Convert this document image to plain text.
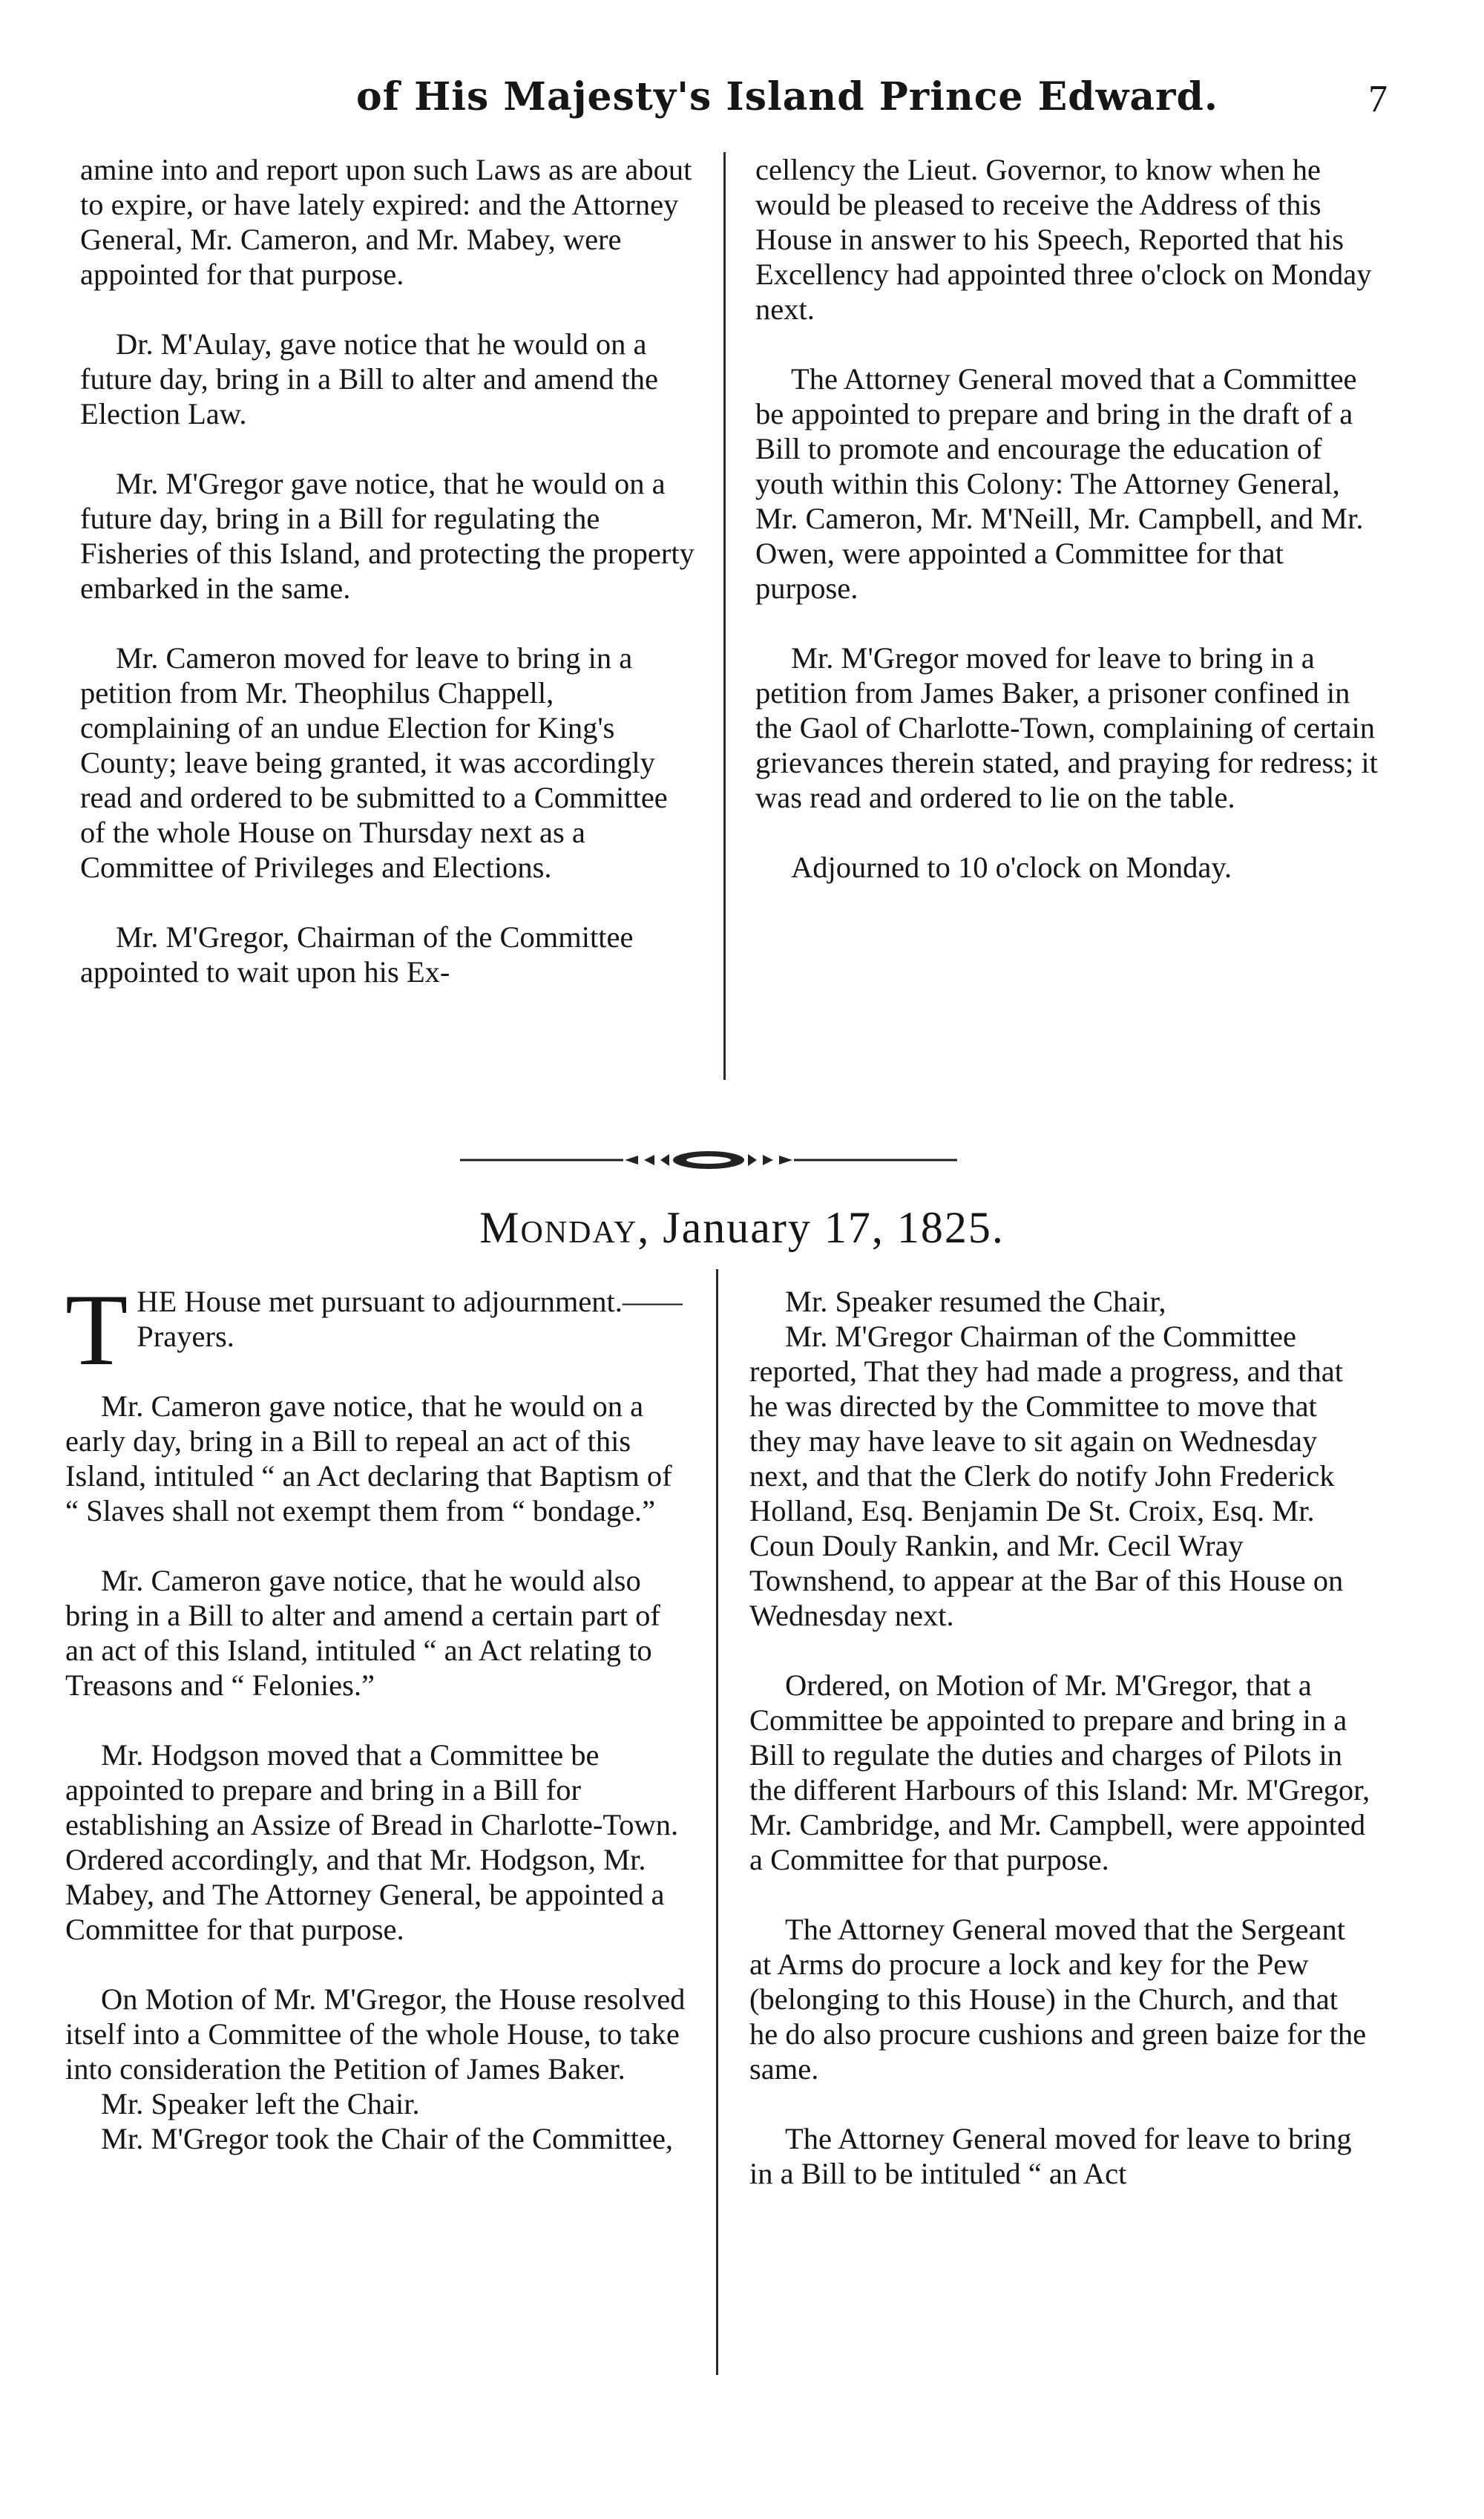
of His Majesty's Island Prince Edward.	7

amine into and report upon such Laws as are about to expire, or have lately expired: and the Attorney General, Mr. Cameron, and Mr. Mabey, were appointed for that purpose.

Dr. M'Aulay, gave notice that he would on a future day, bring in a Bill to alter and amend the Election Law.

Mr. M'Gregor gave notice, that he would on a future day, bring in a Bill for regulating the Fisheries of this Island, and protecting the property embarked in the same.

Mr. Cameron moved for leave to bring in a petition from Mr. Theophilus Chappell, complaining of an undue Election for King's County; leave being granted, it was accordingly read and ordered to be submitted to a Committee of the whole House on Thursday next as a Committee of Privileges and Elections.

Mr. M'Gregor, Chairman of the Committee appointed to wait upon his Ex-

cellency the Lieut. Governor, to know when he would be pleased to receive the Address of this House in answer to his Speech, Reported that his Excellency had appointed three o'clock on Monday next.

The Attorney General moved that a Committee be appointed to prepare and bring in the draft of a Bill to promote and encourage the education of youth within this Colony: The Attorney General, Mr. Cameron, Mr. M'Neill, Mr. Campbell, and Mr. Owen, were appointed a Committee for that purpose.

Mr. M'Gregor moved for leave to bring in a petition from James Baker, a prisoner confined in the Gaol of Charlotte-Town, complaining of certain grievances therein stated, and praying for redress; it was read and ordered to lie on the table.

Adjourned to 10 o'clock on Monday.

Monday, January 17, 1825.

THE House met pursuant to adjournment.——Prayers.

Mr. Cameron gave notice, that he would on a early day, bring in a Bill to repeal an act of this Island, intituled “ an Act declaring that Baptism of “ Slaves shall not exempt them from “ bondage.”

Mr. Cameron gave notice, that he would also bring in a Bill to alter and amend a certain part of an act of this Island, intituled “ an Act relating to Treasons and “ Felonies.”

Mr. Hodgson moved that a Committee be appointed to prepare and bring in a Bill for establishing an Assize of Bread in Charlotte-Town. Ordered accordingly, and that Mr. Hodgson, Mr. Mabey, and The Attorney General, be appointed a Committee for that purpose.

On Motion of Mr. M'Gregor, the House resolved itself into a Committee of the whole House, to take into consideration the Petition of James Baker.

Mr. Speaker left the Chair.

Mr. M'Gregor took the Chair of the Committee,

Mr. Speaker resumed the Chair,

Mr. M'Gregor Chairman of the Committee reported, That they had made a progress, and that he was directed by the Committee to move that they may have leave to sit again on Wednesday next, and that the Clerk do notify John Frederick Holland, Esq. Benjamin De St. Croix, Esq. Mr. Coun Douly Rankin, and Mr. Cecil Wray Townshend, to appear at the Bar of this House on Wednesday next.

Ordered, on Motion of Mr. M'Gregor, that a Committee be appointed to prepare and bring in a Bill to regulate the duties and charges of Pilots in the different Harbours of this Island: Mr. M'Gregor, Mr. Cambridge, and Mr. Campbell, were appointed a Committee for that purpose.

The Attorney General moved that the Sergeant at Arms do procure a lock and key for the Pew (belonging to this House) in the Church, and that he do also procure cushions and green baize for the same.

The Attorney General moved for leave to bring in a Bill to be intituled “ an Act
